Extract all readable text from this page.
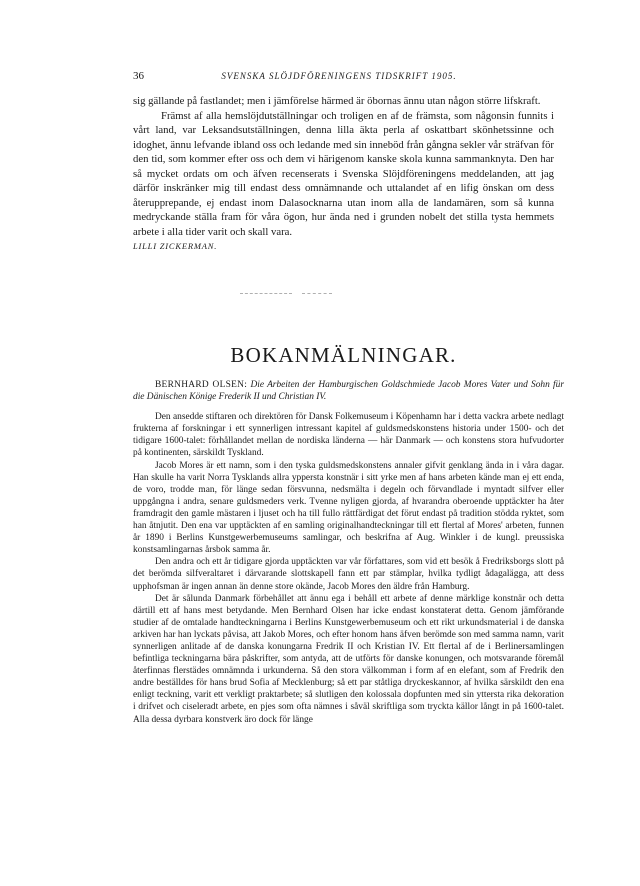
36	SVENSKA SLÖJDFÖRENINGENS TIDSKRIFT 1905.

sig gällande på fastlandet; men i jämförelse härmed är öbornas ännu utan någon större lifskraft.

Främst af alla hemslöjdutställningar och troligen en af de främsta, som någonsin funnits i vårt land, var Leksandsutställningen, denna lilla äkta perla af oskattbart skönhetssinne och idoghet, ännu lefvande ibland oss och ledande med sin inneböd från gångna sekler vår sträfvan för den tid, som kommer efter oss och dem vi härigenom kanske skola kunna sammanknyta. Den har så mycket ordats om och äfven recenserats i Svenska Slöjdföreningens meddelanden, att jag därför inskränker mig till endast dess omnämnande och uttalandet af en lifig önskan om dess återupprepande, ej endast inom Dalasocknarna utan inom alla de landamären, som så kunna medryckande ställa fram för våra ögon, hur ända ned i grunden nobelt det stilla tysta hemmets arbete i alla tider varit och skall vara.

LILLI ZICKERMAN.

BOKANMÄLNINGAR.

BERNHARD OLSEN: Die Arbeiten der Hamburgischen Goldschmiede Jacob Mores Vater und Sohn für die Dänischen Könige Frederik II und Christian IV.

Den ansedde stiftaren och direktören för Dansk Folkemuseum i Köpenhamn har i detta vackra arbete nedlagt frukterna af forskningar i ett synnerligen intressant kapitel af guldsmedskonstens historia under 1500- och det tidigare 1600-talet: förhållandet mellan de nordiska länderna — här Danmark — och konstens stora hufvudorter på kontinenten, särskildt Tyskland.

Jacob Mores är ett namn, som i den tyska guldsmedskonstens annaler gifvit genklang ända in i våra dagar. Han skulle ha varit Norra Tysklands allra yppersta konstnär i sitt yrke men af hans arbeten kände man ej ett enda, de voro, trodde man, för länge sedan försvunna, nedsmälta i degeln och förvandlade i myntadt silfver eller uppgångna i andra, senare guldsmeders verk. Tvenne nyligen gjorda, af hvarandra oberoende upptäckter ha åter framdragit den gamle mästaren i ljuset och ha till fullo rättfärdigat det förut endast på tradition stödda ryktet, som han åtnjutit. Den ena var upptäckten af en samling originalhandteckningar till ett flertal af Mores' arbeten, funnen år 1890 i Berlins Kunstgewerbemuseums samlingar, och beskrifna af Aug. Winkler i de kungl. preussiska konstsamlingarnas årsbok samma år.

Den andra och ett år tidigare gjorda upptäckten var vår författares, som vid ett besök å Fredriksborgs slott på det berömda silfveraltaret i därvarande slottskapell fann ett par stämplar, hvilka tydligt ådagalägga, att dess upphofsman är ingen annan än denne store okände, Jacob Mores den äldre från Hamburg.

Det är sålunda Danmark förbehållet att ännu ega i behåll ett arbete af denne märklige konstnär och detta därtill ett af hans mest betydande. Men Bernhard Olsen har icke endast konstaterat detta. Genom jämförande studier af de omtalade handteckningarna i Berlins Kunstgewerbemuseum och ett rikt urkundsmaterial i de danska arkiven har han lyckats påvisa, att Jakob Mores, och efter honom hans äfven berömde son med samma namn, varit synnerligen anlitade af de danska konungarna Fredrik II och Kristian IV. Ett flertal af de i Berlinersamlingen befintliga teckningarna bära påskrifter, som antyda, att de utförts för danske konungen, och motsvarande föremål återfinnas flerstädes omnämnda i urkunderna. Så den stora välkomman i form af en elefant, som af Fredrik den andre beställdes för hans brud Sofia af Mecklenburg; så ett par ståtliga dryckeskannor, af hvilka särskildt den ena enligt teckning, varit ett verkligt praktarbete; så slutligen den kolossala dopfunten med sin yttersta rika dekoration i drifvet och ciseleradt arbete, en pjes som ofta nämnes i såväl skriftliga som tryckta källor långt in på 1600-talet. Alla dessa dyrbara konstverk äro dock för länge
